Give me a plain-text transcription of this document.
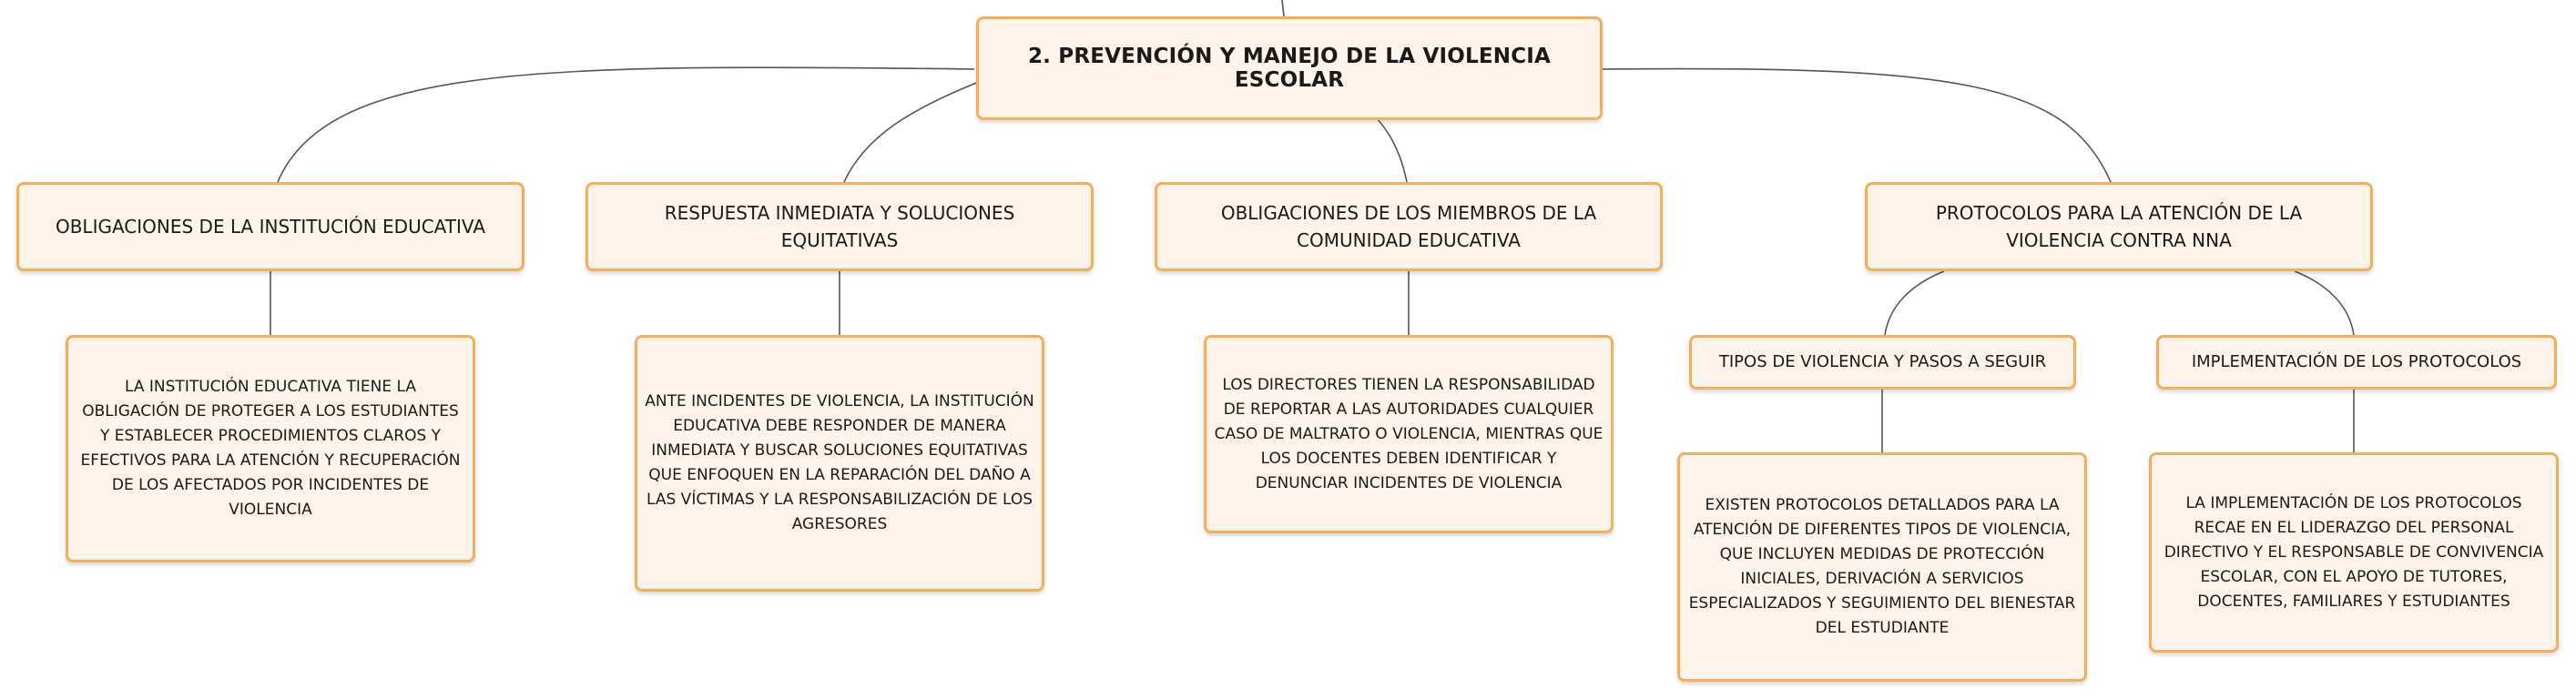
2. PREVENCIÓN Y MANEJO DE LA VIOLENCIA ESCOLAR
OBLIGACIONES DE LA INSTITUCIÓN EDUCATIVA
RESPUESTA INMEDIATA Y SOLUCIONES EQUITATIVAS
OBLIGACIONES DE LOS MIEMBROS DE LA COMUNIDAD EDUCATIVA
PROTOCOLOS PARA LA ATENCIÓN DE LA VIOLENCIA CONTRA NNA
TIPOS DE VIOLENCIA Y PASOS A SEGUIR	IMPLEMENTACIÓN DE LOS PROTOCOLOS
LA INSTITUCIÓN EDUCATIVA TIENE LA OBLIGACIÓN DE PROTEGER A LOS ESTUDIANTES Y ESTABLECER PROCEDIMIENTOS CLAROS Y EFECTIVOS PARA LA ATENCIÓN Y RECUPERACIÓN DE LOS AFECTADOS POR INCIDENTES DE VIOLENCIA
ANTE INCIDENTES DE VIOLENCIA, LA INSTITUCIÓN EDUCATIVA DEBE RESPONDER DE MANERA INMEDIATA Y BUSCAR SOLUCIONES EQUITATIVAS QUE ENFOQUEN EN LA REPARACIÓN DEL DAÑO A LAS VÍCTIMAS Y LA RESPONSABILIZACIÓN DE LOS AGRESORES
LOS DIRECTORES TIENEN LA RESPONSABILIDAD DE REPORTAR A LAS AUTORIDADES CUALQUIER CASO DE MALTRATO O VIOLENCIA, MIENTRAS QUE LOS DOCENTES DEBEN IDENTIFICAR Y DENUNCIAR INCIDENTES DE VIOLENCIA
EXISTEN PROTOCOLOS DETALLADOS PARA LA ATENCIÓN DE DIFERENTES TIPOS DE VIOLENCIA, QUE INCLUYEN MEDIDAS DE PROTECCIÓN INICIALES, DERIVACIÓN A SERVICIOS ESPECIALIZADOS Y SEGUIMIENTO DEL BIENESTAR DEL ESTUDIANTE
LA IMPLEMENTACIÓN DE LOS PROTOCOLOS RECAE EN EL LIDERAZGO DEL PERSONAL DIRECTIVO Y EL RESPONSABLE DE CONVIVENCIA ESCOLAR, CON EL APOYO DE TUTORES, DOCENTES, FAMILIARES Y ESTUDIANTES
